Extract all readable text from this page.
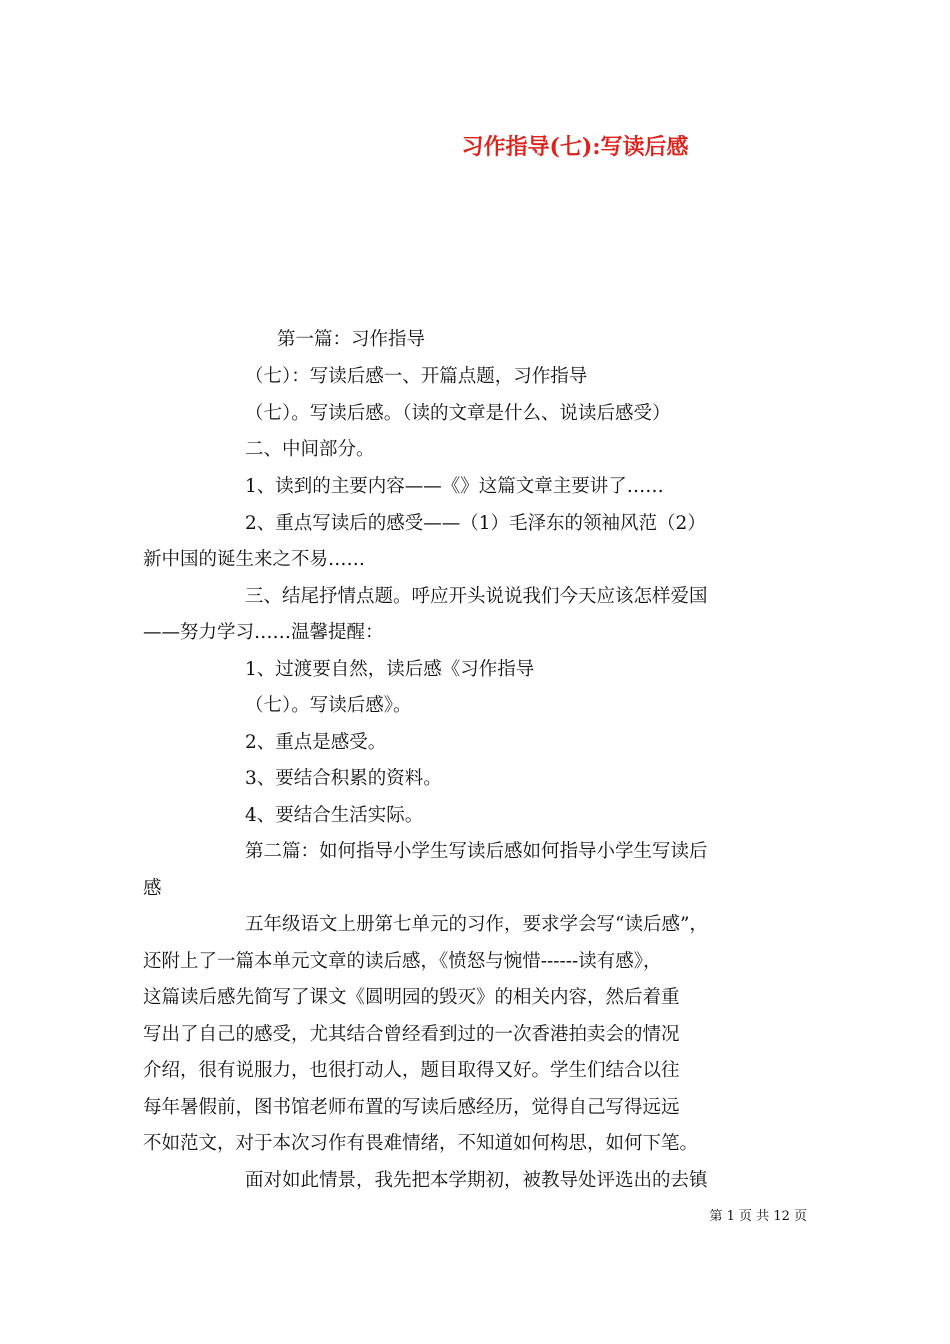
习作指导(七):写读后感
第一篇：习作指导
（七）：写读后感一、开篇点题，习作指导
（七）。写读后感。（读的文章是什么、说读后感受）
二、中间部分。
1、读到的主要内容——《》这篇文章主要讲了……
2、重点写读后的感受——（1）毛泽东的领袖风范（2）
新中国的诞生来之不易……
三、结尾抒情点题。呼应开头说说我们今天应该怎样爱国
——努力学习……温馨提醒：
1、过渡要自然，读后感《习作指导
（七）。写读后感》。
2、重点是感受。
3、要结合积累的资料。
4、要结合生活实际。
第二篇：如何指导小学生写读后感如何指导小学生写读后
感
五年级语文上册第七单元的习作，要求学会写“读后感”，
还附上了一篇本单元文章的读后感，《愤怒与惋惜------读有感》，
这篇读后感先简写了课文《圆明园的毁灭》的相关内容，然后着重
写出了自己的感受，尤其结合曾经看到过的一次香港拍卖会的情况
介绍，很有说服力，也很打动人，题目取得又好。学生们结合以往
每年暑假前，图书馆老师布置的写读后感经历，觉得自己写得远远
不如范文，对于本次习作有畏难情绪，不知道如何构思，如何下笔。
面对如此情景，我先把本学期初，被教导处评选出的去镇
第 1 页 共 12 页
